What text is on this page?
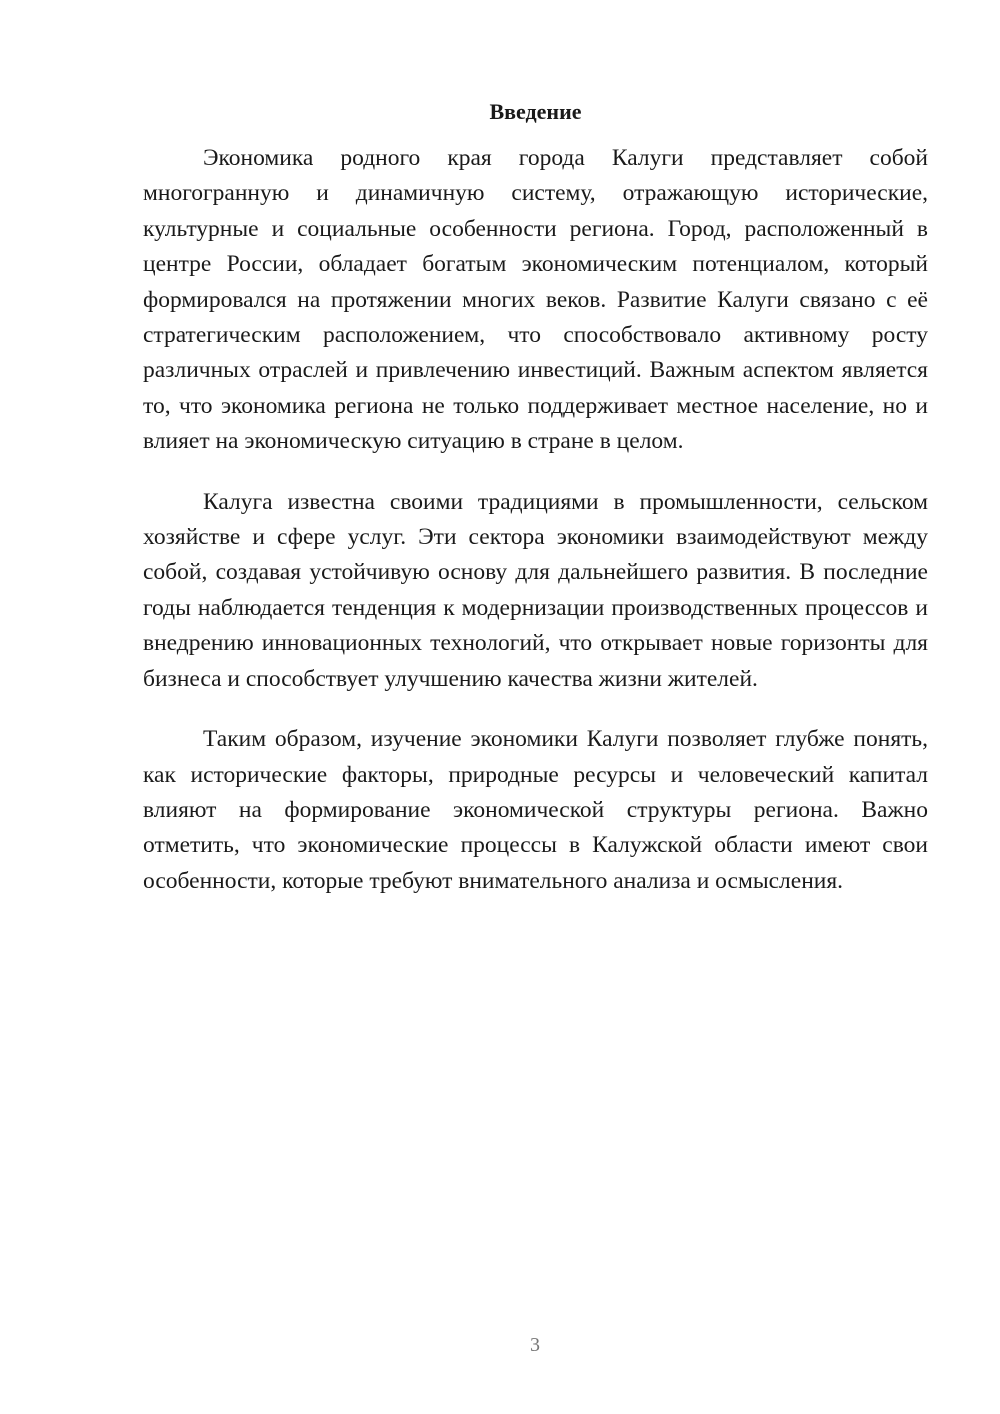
Введение

Экономика родного края города Калуги представляет собой многогранную и динамичную систему, отражающую исторические, культурные и социальные особенности региона. Город, расположенный в центре России, обладает богатым экономическим потенциалом, который формировался на протяжении многих веков. Развитие Калуги связано с её стратегическим расположением, что способствовало активному росту различных отраслей и привлечению инвестиций. Важным аспектом является то, что экономика региона не только поддерживает местное население, но и влияет на экономическую ситуацию в стране в целом.

Калуга известна своими традициями в промышленности, сельском хозяйстве и сфере услуг. Эти сектора экономики взаимодействуют между собой, создавая устойчивую основу для дальнейшего развития. В последние годы наблюдается тенденция к модернизации производственных процессов и внедрению инновационных технологий, что открывает новые горизонты для бизнеса и способствует улучшению качества жизни жителей.

Таким образом, изучение экономики Калуги позволяет глубже понять, как исторические факторы, природные ресурсы и человеческий капитал влияют на формирование экономической структуры региона. Важно отметить, что экономические процессы в Калужской области имеют свои особенности, которые требуют внимательного анализа и осмысления.

3
